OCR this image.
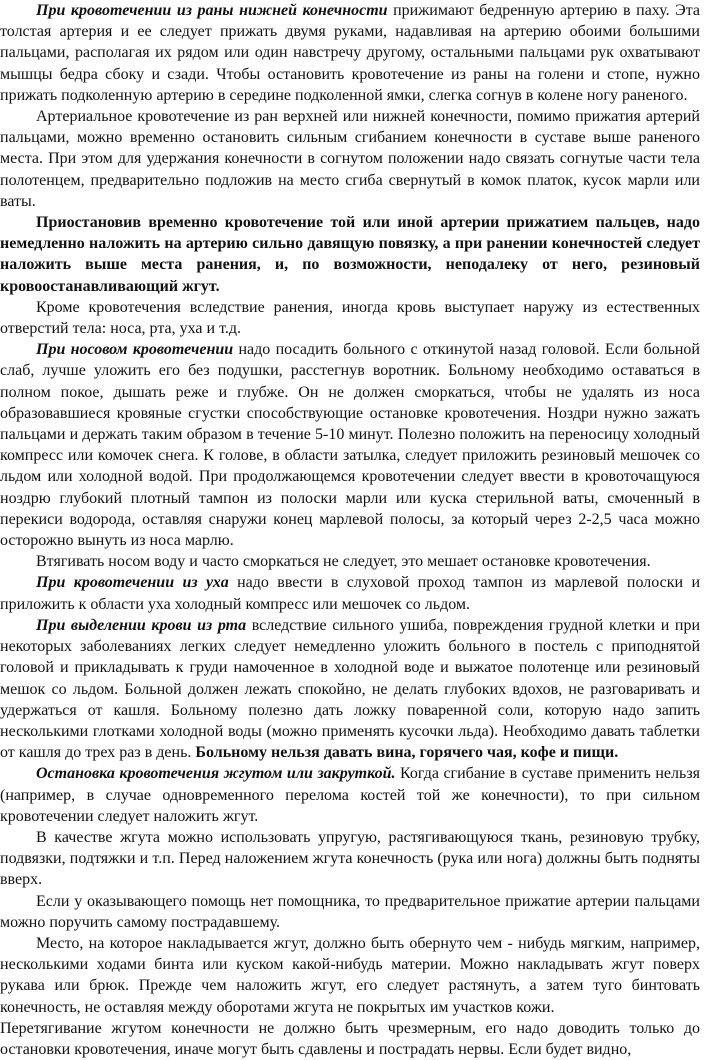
При кровотечении из раны нижней конечности прижимают бедренную артерию в паху. Эта толстая артерия и ее следует прижать двумя руками, надавливая на артерию обоими большими пальцами, располагая их рядом или один навстречу другому, остальными пальцами рук охватывают мышцы бедра сбоку и сзади. Чтобы остановить кровотечение из раны на голени и стопе, нужно прижать подколенную артерию в середине подколенной ямки, слегка согнув в колене ногу раненого.

Артериальное кровотечение из ран верхней или нижней конечности, помимо прижатия артерий пальцами, можно временно остановить сильным сгибанием конечности в суставе выше раненого места. При этом для удержания конечности в согнутом положении надо связать согнутые части тела полотенцем, предварительно подложив на место сгиба свернутый в комок платок, кусок марли или ваты.

Приостановив временно кровотечение той или иной артерии прижатием пальцев, надо немедленно наложить на артерию сильно давящую повязку, а при ранении конечностей следует наложить выше места ранения, и, по возможности, неподалеку от него, резиновый кровоостанавливающий жгут.

Кроме кровотечения вследствие ранения, иногда кровь выступает наружу из естественных отверстий тела: носа, рта, уха и т.д.

При носовом кровотечении надо посадить больного с откинутой назад головой. Если больной слаб, лучше уложить его без подушки, расстегнув воротник. Больному необходимо оставаться в полном покое, дышать реже и глубже. Он не должен сморкаться, чтобы не удалять из носа образовавшиеся кровяные сгустки способствующие остановке кровотечения. Ноздри нужно зажать пальцами и держать таким образом в течение 5-10 минут. Полезно положить на переносицу холодный компресс или комочек снега. К голове, в области затылка, следует приложить резиновый мешочек со льдом или холодной водой. При продолжающемся кровотечении следует ввести в кровоточащуюся ноздрю глубокий плотный тампон из полоски марли или куска стерильной ваты, смоченный в перекиси водорода, оставляя снаружи конец марлевой полосы, за который через 2-2,5 часа можно осторожно вынуть из носа марлю.

Втягивать носом воду и часто сморкаться не следует, это мешает остановке кровотечения.

При кровотечении из уха надо ввести в слуховой проход тампон из марлевой полоски и приложить к области уха холодный компресс или мешочек со льдом.

При выделении крови из рта вследствие сильного ушиба, повреждения грудной клетки и при некоторых заболеваниях легких следует немедленно уложить больного в постель с приподнятой головой и прикладывать к груди намоченное в холодной воде и выжатое полотенце или резиновый мешок со льдом. Больной должен лежать спокойно, не делать глубоких вдохов, не разговаривать и удержаться от кашля. Больному полезно дать ложку поваренной соли, которую надо запить несколькими глотками холодной воды (можно применять кусочки льда). Необходимо давать таблетки от кашля до трех раз в день. Больному нельзя давать вина, горячего чая, кофе и пищи.

Остановка кровотечения жгутом или закруткой. Когда сгибание в суставе применить нельзя (например, в случае одновременного перелома костей той же конечности), то при сильном кровотечении следует наложить жгут.

В качестве жгута можно использовать упругую, растягивающуюся ткань, резиновую трубку, подвязки, подтяжки и т.п. Перед наложением жгута конечность (рука или нога) должны быть подняты вверх.

Если у оказывающего помощь нет помощника, то предварительное прижатие артерии пальцами можно поручить самому пострадавшему.

Место, на которое накладывается жгут, должно быть обернуто чем - нибудь мягким, например, несколькими ходами бинта или куском какой-нибудь материи. Можно накладывать жгут поверх рукава или брюк. Прежде чем наложить жгут, его следует растянуть, а затем туго бинтовать конечность, не оставляя между оборотами жгута не покрытых им участков кожи.

Перетягивание жгутом конечности не должно быть чрезмерным, его надо доводить только до остановки кровотечения, иначе могут быть сдавлены и пострадать нервы. Если будет видно,
